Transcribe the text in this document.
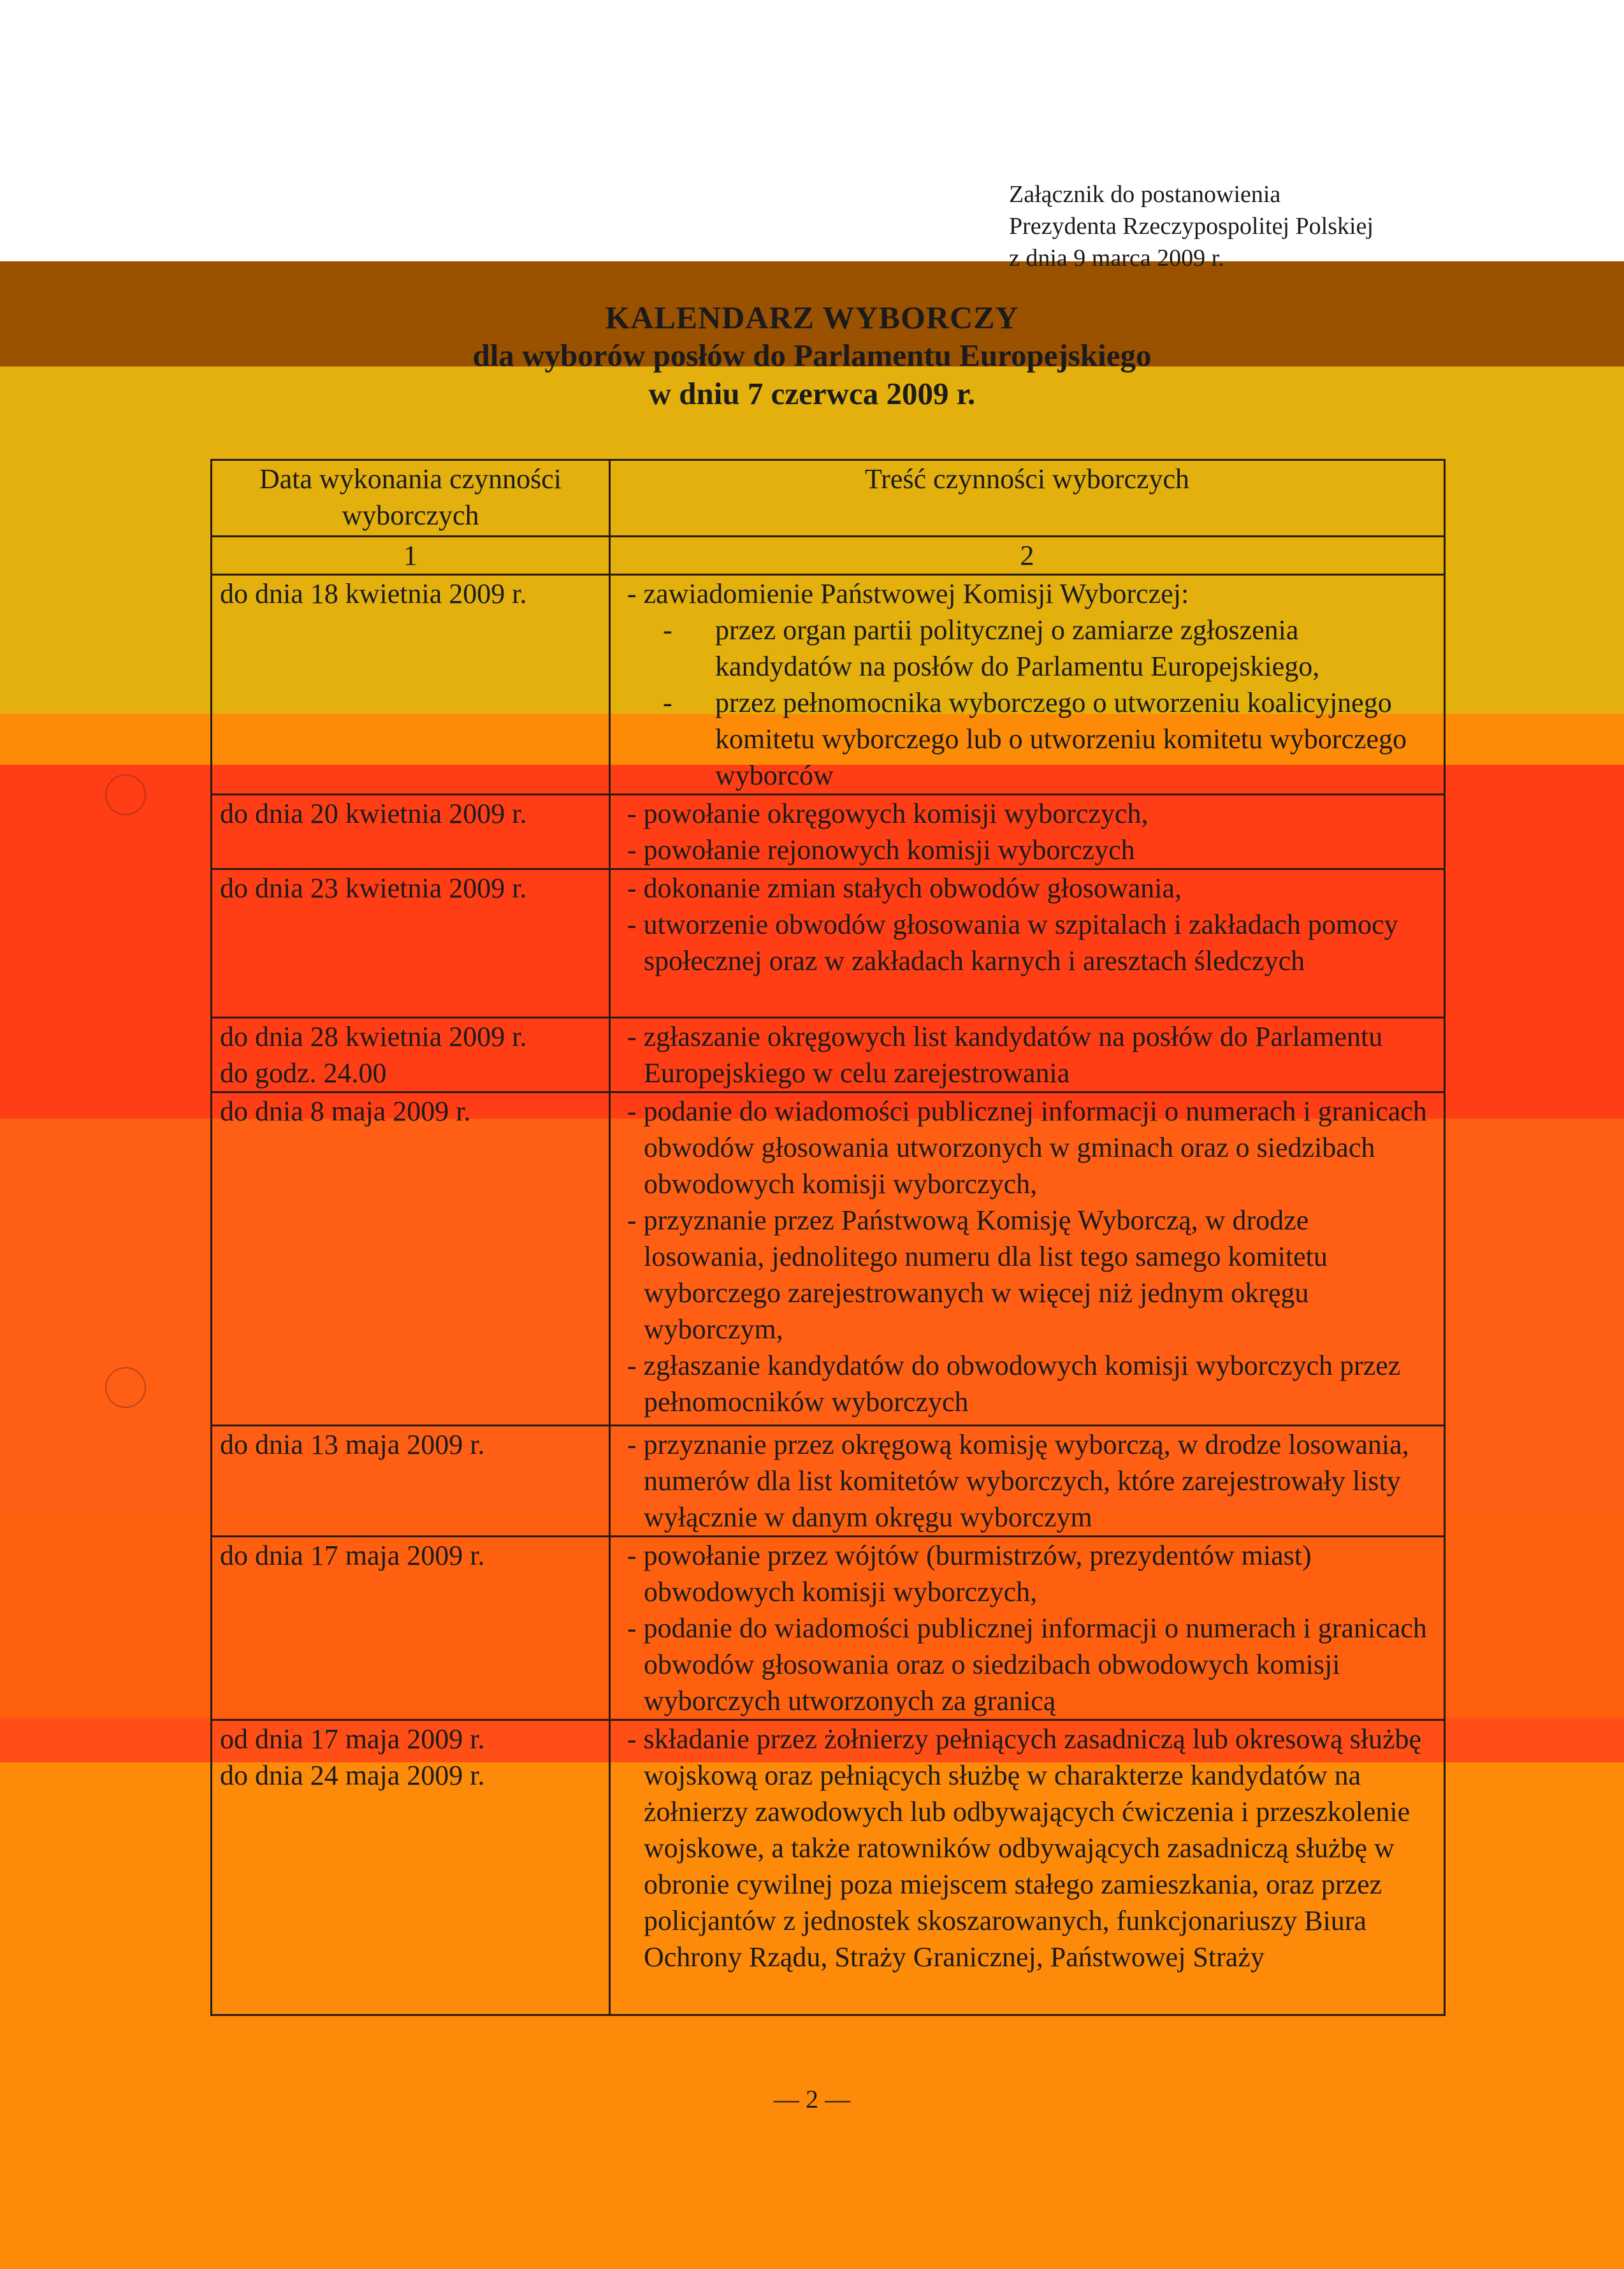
Załącznik do postanowienia
Prezydenta Rzeczypospolitej Polskiej
z dnia 9 marca 2009 r.
KALENDARZ WYBORCZY
dla wyborów posłów do Parlamentu Europejskiego
w dniu 7 czerwca 2009 r.
Data wykonania czynności wyborczych	Treść czynności wyborczych
1	2
do dnia 18 kwietnia 2009 r.	- zawiadomienie Państwowej Komisji Wyborczej:

- przez organ partii politycznej o zamiarze zgłoszenia kandydatów na posłów do Parlamentu Europejskiego,
- przez pełnomocnika wyborczego o utworzeniu koalicyjnego komitetu wyborczego lub o utworzeniu komitetu wyborczego wyborców

do dnia 20 kwietnia 2009 r.	- powołanie okręgowych komisji wyborczych,

- powołanie rejonowych komisji wyborczych

do dnia 23 kwietnia 2009 r.	- dokonanie zmian stałych obwodów głosowania,

- utworzenie obwodów głosowania w szpitalach i zakładach pomocy społecznej oraz w zakładach karnych i aresztach śledczych

do dnia 28 kwietnia 2009 r.
do godz. 24.00	- zgłaszanie okręgowych list kandydatów na posłów do Parlamentu Europejskiego w celu zarejestrowania

do dnia 8 maja 2009 r.	- podanie do wiadomości publicznej informacji o numerach i granicach obwodów głosowania utworzonych w gminach oraz o siedzibach obwodowych komisji wyborczych,

- przyznanie przez Państwową Komisję Wyborczą, w drodze losowania, jednolitego numeru dla list tego samego komitetu wyborczego zarejestrowanych w więcej niż jednym okręgu wyborczym,

- zgłaszanie kandydatów do obwodowych komisji wyborczych przez pełnomocników wyborczych

do dnia 13 maja 2009 r.	- przyznanie przez okręgową komisję wyborczą, w drodze losowania, numerów dla list komitetów wyborczych, które zarejestrowały listy wyłącznie w danym okręgu wyborczym

do dnia 17 maja 2009 r.	- powołanie przez wójtów (burmistrzów, prezydentów miast) obwodowych komisji wyborczych,

- podanie do wiadomości publicznej informacji o numerach i granicach obwodów głosowania oraz o siedzibach obwodowych komisji wyborczych utworzonych za granicą

od dnia 17 maja 2009 r.
do dnia 24 maja 2009 r.	- składanie przez żołnierzy pełniących zasadniczą lub okresową służbę wojskową oraz pełniących służbę w charakterze kandydatów na żołnierzy zawodowych lub odbywających ćwiczenia i przeszkolenie wojskowe, a także ratowników odbywających zasadniczą służbę w obronie cywilnej poza miejscem stałego zamieszkania, oraz przez policjantów z jednostek skoszarowanych, funkcjonariuszy Biura Ochrony Rządu, Straży Granicznej, Państwowej Straży

— 2 —
